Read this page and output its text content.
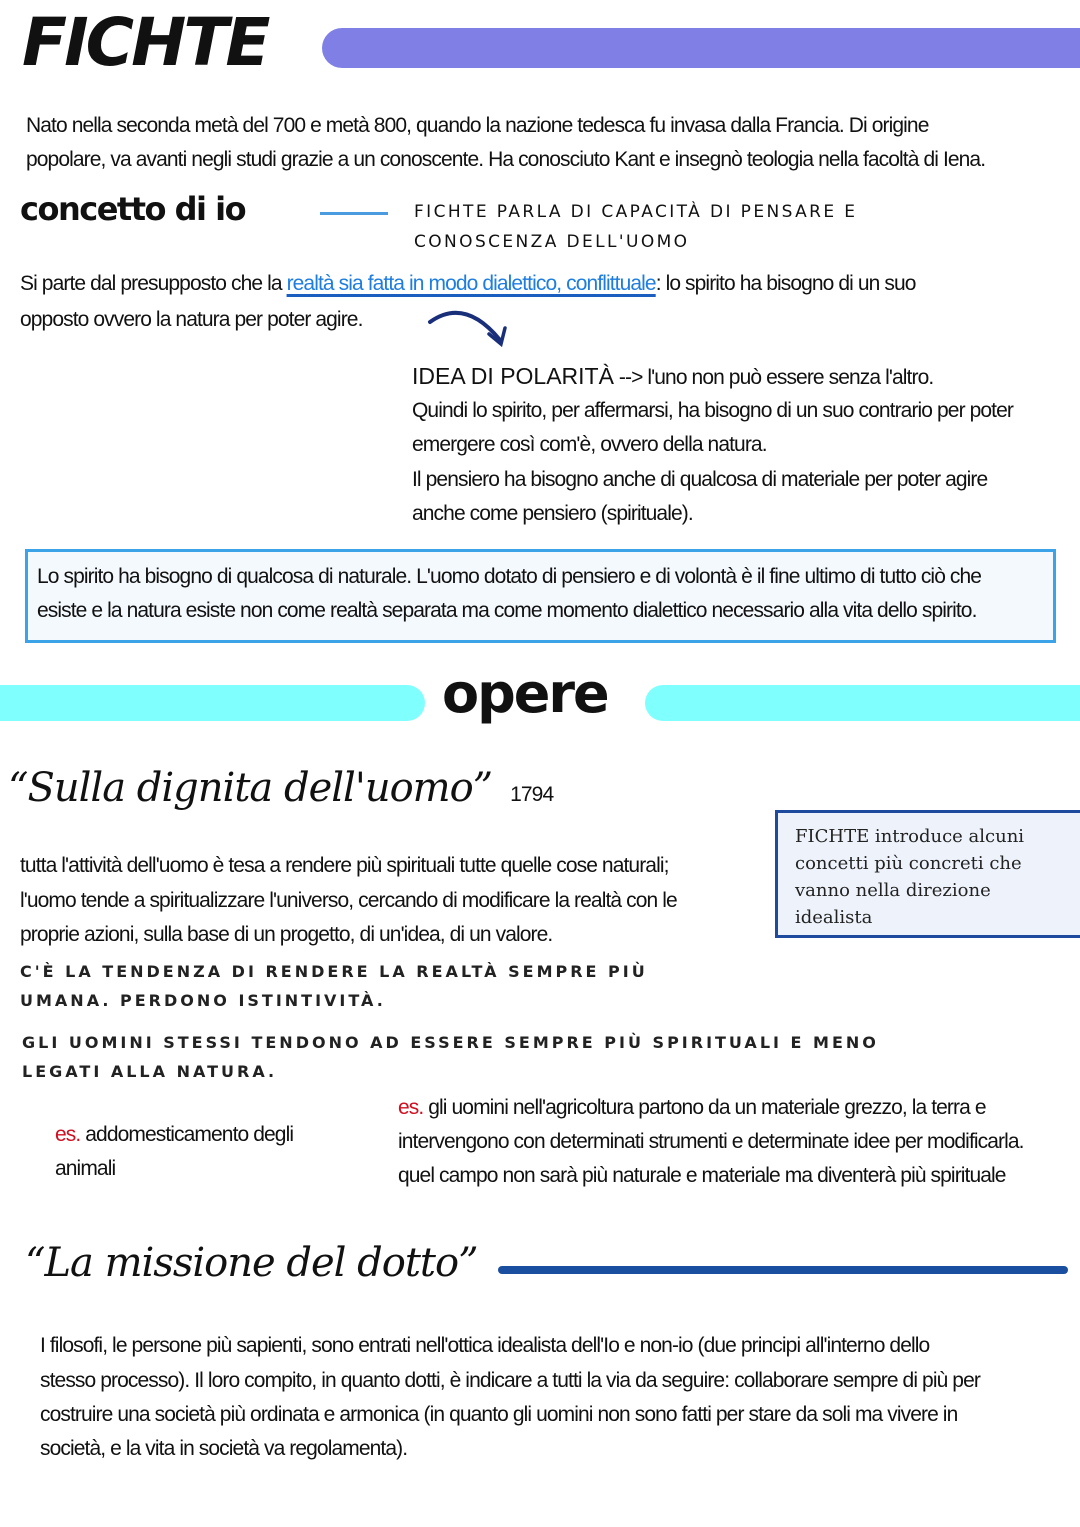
FICHTE
Nato nella seconda metà del 700 e metà 800, quando la nazione tedesca fu invasa dalla Francia. Di origine
popolare, va avanti negli studi grazie a un conoscente. Ha conosciuto Kant e insegnò teologia nella facoltà di Iena.
concetto di io	FICHTE PARLA DI CAPACITÀ DI PENSARE E
CONOSCENZA DELL'UOMO
Si parte dal presupposto che la realtà sia fatta in modo dialettico, conflittuale: lo spirito ha bisogno di un suo
opposto ovvero la natura per poter agire.
IDEA DI POLARITÀ --> l'uno non può essere senza l'altro.
Quindi lo spirito, per affermarsi, ha bisogno di un suo contrario per poter
emergere così com'è, ovvero della natura.
Il pensiero ha bisogno anche di qualcosa di materiale per poter agire
anche come pensiero (spirituale).
Lo spirito ha bisogno di qualcosa di naturale. L'uomo dotato di pensiero e di volontà è il fine ultimo di tutto ciò che
esiste e la natura esiste non come realtà separata ma come momento dialettico necessario alla vita dello spirito.
opere
“Sulla dignita dell'uomo” 1794
FICHTE introduce alcuni
concetti più concreti che
vanno nella direzione
idealista
tutta l'attività dell'uomo è tesa a rendere più spirituali tutte quelle cose naturali;
l'uomo tende a spiritualizzare l'universo, cercando di modificare la realtà con le
proprie azioni, sulla base di un progetto, di un'idea, di un valore.
C'È LA TENDENZA DI RENDERE LA REALTÀ SEMPRE PIÙ
UMANA. PERDONO ISTINTIVITÀ.
GLI UOMINI STESSI TENDONO AD ESSERE SEMPRE PIÙ SPIRITUALI E MENO
LEGATI ALLA NATURA.
es. addomesticamento degli
animali
es. gli uomini nell'agricoltura partono da un materiale grezzo, la terra e
intervengono con determinati strumenti e determinate idee per modificarla.
quel campo non sarà più naturale e materiale ma diventerà più spirituale
“La missione del dotto”
I filosofi, le persone più sapienti, sono entrati nell'ottica idealista dell'Io e non-io (due principi all'interno dello
stesso processo). Il loro compito, in quanto dotti, è indicare a tutti la via da seguire: collaborare sempre di più per
costruire una società più ordinata e armonica (in quanto gli uomini non sono fatti per stare da soli ma vivere in
società, e la vita in società va regolamenta).
